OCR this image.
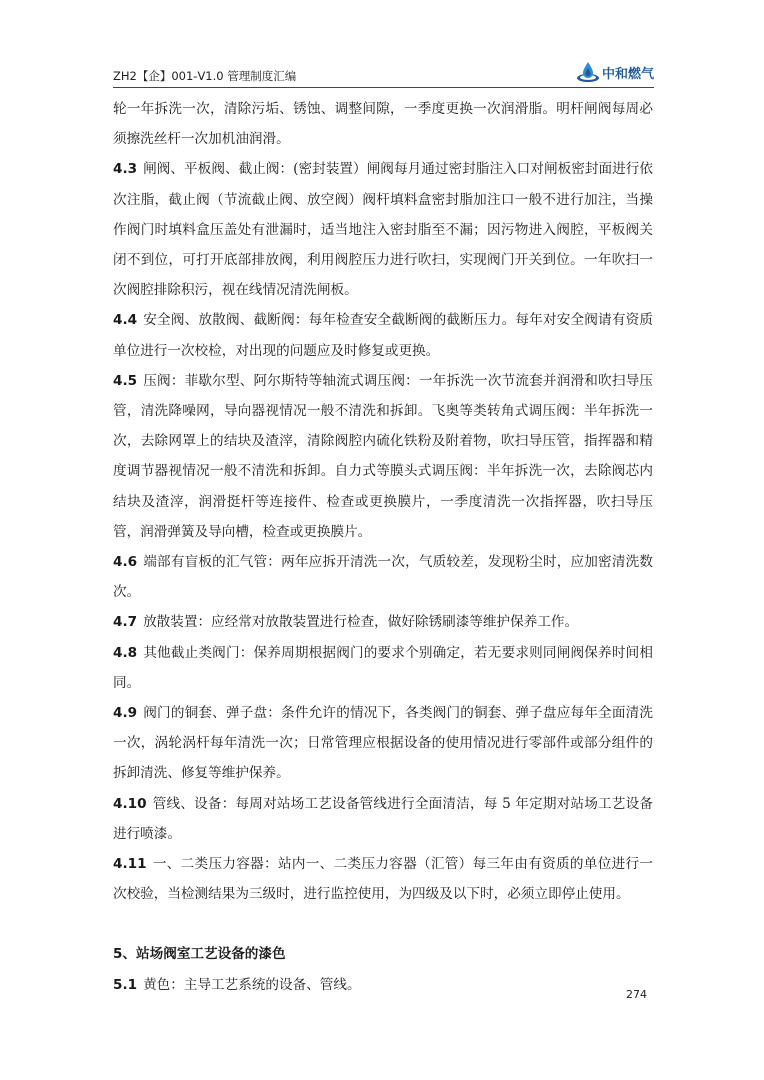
ZH2【企】001-V1.0 管理制度汇编	中和燃气

轮一年拆洗一次，清除污垢、锈蚀、调整间隙，一季度更换一次润滑脂。明杆闸阀每周必须擦洗丝杆一次加机油润滑。

4.3 闸阀、平板阀、截止阀：(密封装置）闸阀每月通过密封脂注入口对闸板密封面进行依次注脂，截止阀（节流截止阀、放空阀）阀杆填料盒密封脂加注口一般不进行加注，当操作阀门时填料盒压盖处有泄漏时，适当地注入密封脂至不漏；因污物进入阀腔，平板阀关闭不到位，可打开底部排放阀，利用阀腔压力进行吹扫，实现阀门开关到位。一年吹扫一次阀腔排除积污，视在线情况清洗闸板。

4.4 安全阀、放散阀、截断阀：每年检查安全截断阀的截断压力。每年对安全阀请有资质单位进行一次校检，对出现的问题应及时修复或更换。

4.5 压阀：菲歇尔型、阿尔斯特等轴流式调压阀：一年拆洗一次节流套并润滑和吹扫导压管，清洗降噪网，导向器视情况一般不清洗和拆卸。飞奥等类转角式调压阀：半年拆洗一次，去除网罩上的结块及渣滓，清除阀腔内硫化铁粉及附着物，吹扫导压管，指挥器和精度调节器视情况一般不清洗和拆卸。自力式等膜头式调压阀：半年拆洗一次，去除阀芯内结块及渣滓，润滑挺杆等连接件、检查或更换膜片，一季度清洗一次指挥器，吹扫导压管，润滑弹簧及导向槽，检查或更换膜片。

4.6 端部有盲板的汇气管：两年应拆开清洗一次，气质较差，发现粉尘时，应加密清洗数次。

4.7 放散装置：应经常对放散装置进行检查，做好除锈刷漆等维护保养工作。

4.8 其他截止类阀门：保养周期根据阀门的要求个别确定，若无要求则同闸阀保养时间相同。

4.9 阀门的铜套、弹子盘：条件允许的情况下，各类阀门的铜套、弹子盘应每年全面清洗一次，涡轮涡杆每年清洗一次；日常管理应根据设备的使用情况进行零部件或部分组件的拆卸清洗、修复等维护保养。

4.10 管线、设备：每周对站场工艺设备管线进行全面清洁，每 5 年定期对站场工艺设备进行喷漆。

4.11 一、二类压力容器：站内一、二类压力容器（汇管）每三年由有资质的单位进行一次校验，当检测结果为三级时，进行监控使用，为四级及以下时，必须立即停止使用。

5、站场阀室工艺设备的漆色

5.1 黄色：主导工艺系统的设备、管线。

274
